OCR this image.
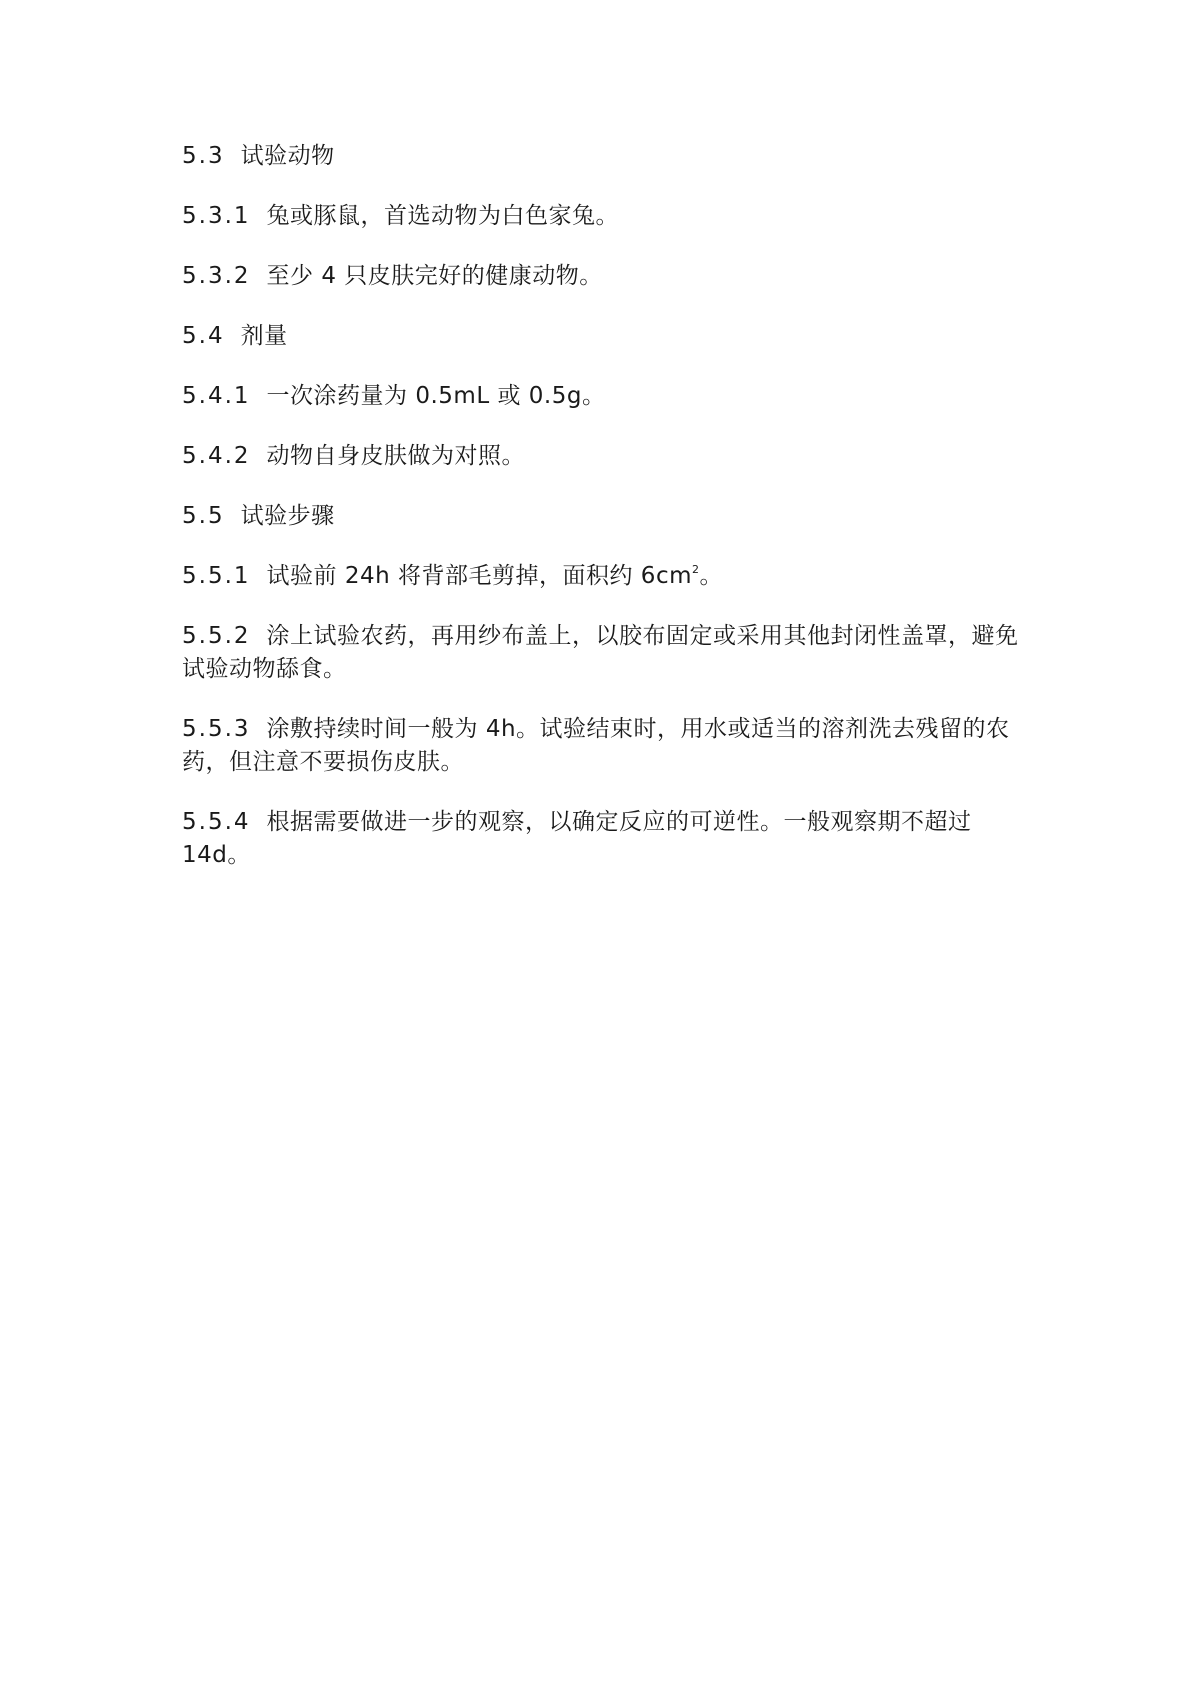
5.3 试验动物

5.3.1 兔或豚鼠，首选动物为白色家兔。

5.3.2 至少 4 只皮肤完好的健康动物。

5.4 剂量

5.4.1 一次涂药量为 0.5mL 或 0.5g。

5.4.2 动物自身皮肤做为对照。

5.5 试验步骤

5.5.1 试验前 24h 将背部毛剪掉，面积约 $6cm^2$。

5.5.2 涂上试验农药，再用纱布盖上，以胶布固定或采用其他封闭性盖罩，避免试验动物舔食。

5.5.3 涂敷持续时间一般为 4h。试验结束时，用水或适当的溶剂洗去残留的农药，但注意不要损伤皮肤。

5.5.4 根据需要做进一步的观察，以确定反应的可逆性。一般观察期不超过 14d。
